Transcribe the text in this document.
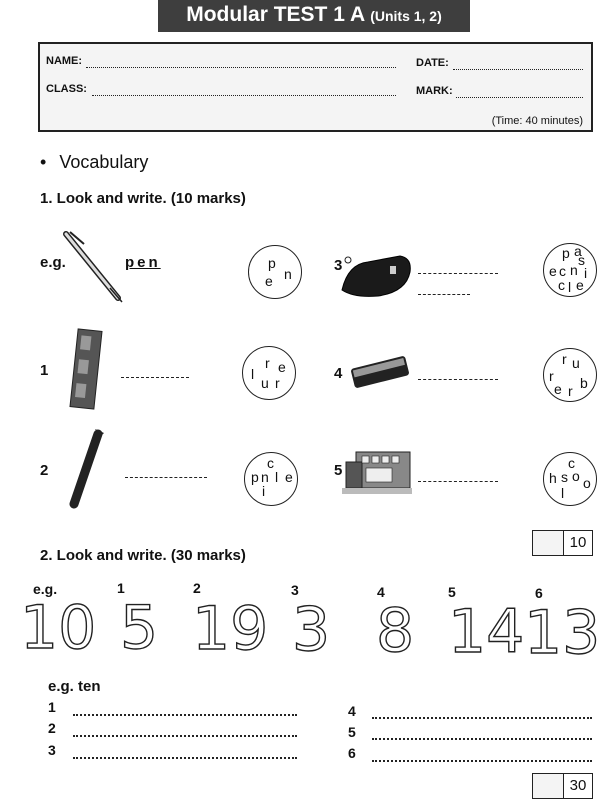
Modular TEST 1 A (Units 1, 2)
NAME:	DATE:
CLASS:	MARK:
(Time: 40 minutes)
• Vocabulary
1. Look and write. (10 marks)
e.g.	pen	p
n
e
1	r e
l
u r
2	c
p n l e
i
3
p a
s
e c n i
c l e
4
u
r
r
e r b
5	c
h s o o
l
10
2. Look and write. (30 marks)
e.g.	1	2	3	4	5	6
10 5 19 3 8 14 13
e.g. ten
1
2
3
4
5
6
30
